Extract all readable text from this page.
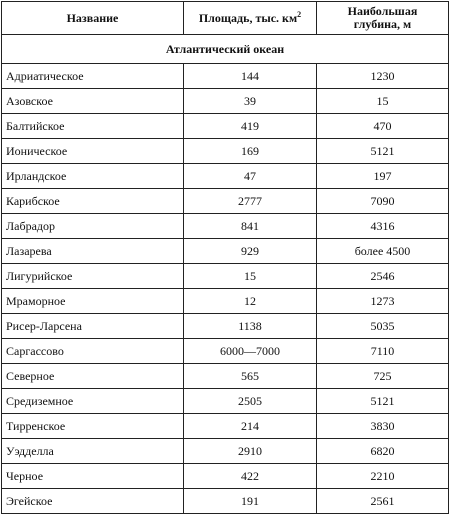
Название	Площадь, тыс. $км^2$	Наибольшая
глубина, м

Атлантический океан		
Адриатическое	144	1230
Азовское	39	15
Балтийское	419	470
Ионическое	169	5121
Ирландское	47	197
Карибское	2777	7090
Лабрадор	841	4316
Лазарева	929	более 4500
Лигурийское	15	2546
Мраморное	12	1273
Рисер-Ларсена	1138	5035
Саргассово	6000—7000	7110
Северное	565	725
Средиземное	2505	5121
Тирренское	214	3830
Уэдделла	2910	6820
Черное	422	2210
Эгейское	191	2561
